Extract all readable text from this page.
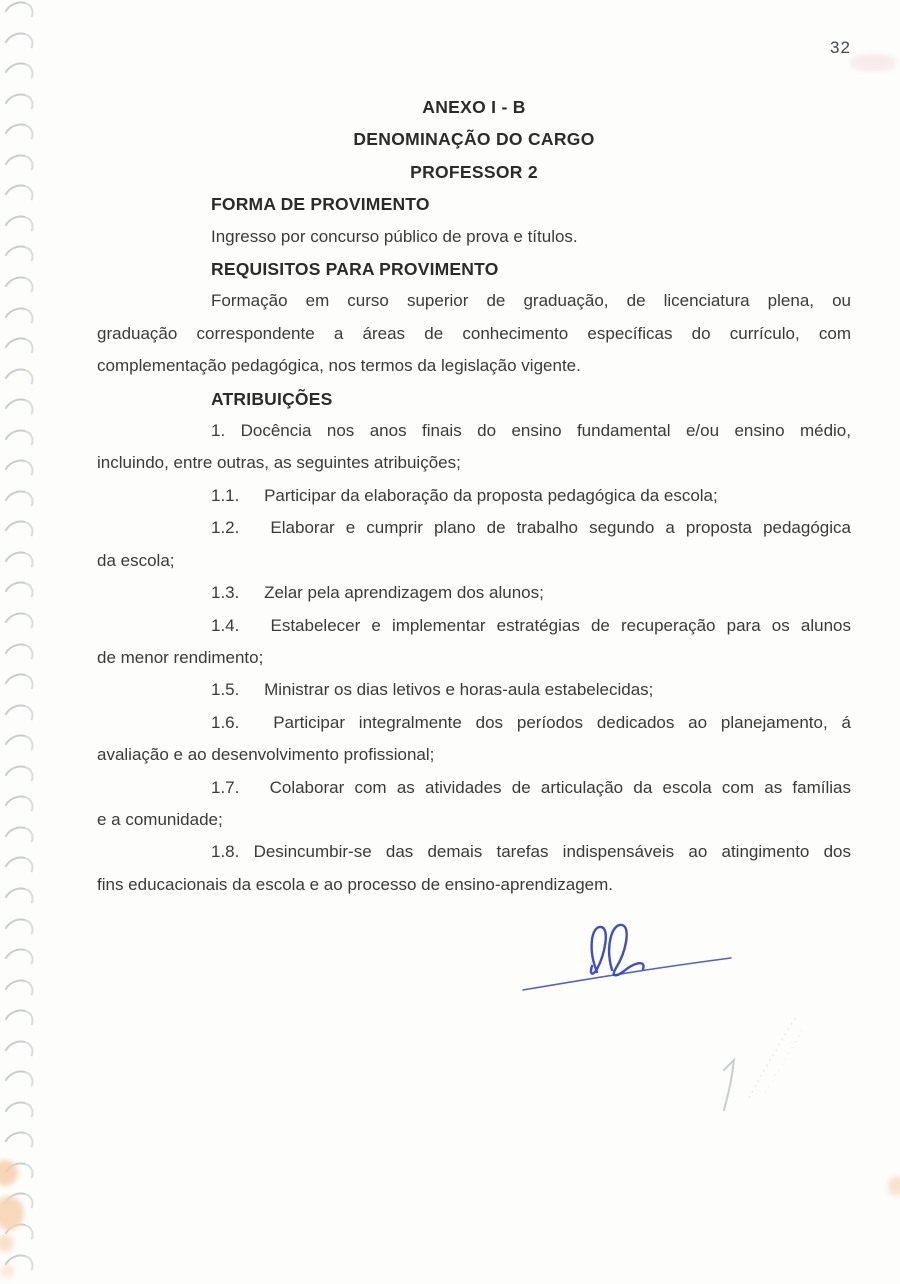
32
ANEXO I - B
DENOMINAÇÃO DO CARGO
PROFESSOR 2
FORMA DE PROVIMENTO
Ingresso por concurso público de prova e títulos.
REQUISITOS PARA PROVIMENTO
Formação em curso superior de graduação, de licenciatura plena, ou
graduação correspondente a áreas de conhecimento específicas do currículo, com
complementação pedagógica, nos termos da legislação vigente.
ATRIBUIÇÕES
1. Docência nos anos finais do ensino fundamental e/ou ensino médio,
incluindo, entre outras, as seguintes atribuições;
1.1. Participar da elaboração da proposta pedagógica da escola;
1.2. Elaborar e cumprir plano de trabalho segundo a proposta pedagógica
da escola;
1.3. Zelar pela aprendizagem dos alunos;
1.4. Estabelecer e implementar estratégias de recuperação para os alunos
de menor rendimento;
1.5. Ministrar os dias letivos e horas-aula estabelecidas;
1.6. Participar integralmente dos períodos dedicados ao planejamento, á
avaliação e ao desenvolvimento profissional;
1.7. Colaborar com as atividades de articulação da escola com as famílias
e a comunidade;
1.8. Desincumbir-se das demais tarefas indispensáveis ao atingimento dos
fins educacionais da escola e ao processo de ensino-aprendizagem.
